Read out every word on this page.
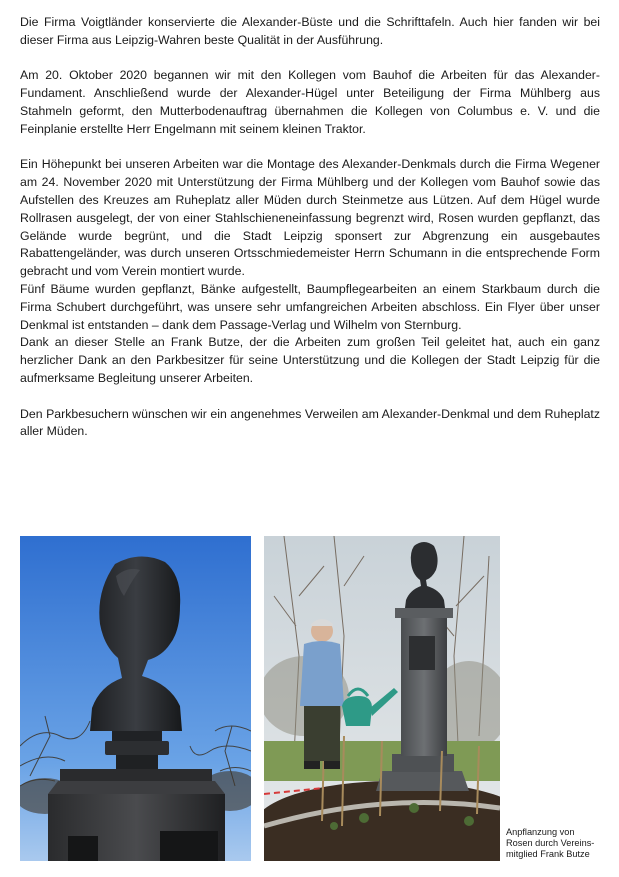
Die Firma Voigtländer konservierte die Alexander-Büste und die Schrifttafeln. Auch hier fanden wir bei dieser Firma aus Leipzig-Wahren beste Qualität in der Ausführung.

Am 20. Oktober 2020 begannen wir mit den Kollegen vom Bauhof die Arbeiten für das Alexander-Fundament. Anschließend wurde der Alexander-Hügel unter Beteiligung der Firma Mühlberg aus Stahmeln geformt, den Mutterbodenauftrag übernahmen die Kollegen von Columbus e. V. und die Feinplanie erstellte Herr Engelmann mit seinem kleinen Traktor.

Ein Höhepunkt bei unseren Arbeiten war die Montage des Alexander-Denkmals durch die Firma Wegener am 24. November 2020 mit Unterstützung der Firma Mühlberg und der Kollegen vom Bauhof sowie das Aufstellen des Kreuzes am Ruheplatz aller Müden durch Steinmetze aus Lützen. Auf dem Hügel wurde Rollrasen ausgelegt, der von einer Stahlschieneneinfassung begrenzt wird, Rosen wurden gepflanzt, das Gelände wurde begrünt, und die Stadt Leipzig sponsert zur Abgrenzung ein ausgebautes Rabattengeländer, was durch unseren Ortsschmiedemeister Herrn Schumann in die entsprechende Form gebracht und vom Verein montiert wurde.

Fünf Bäume wurden gepflanzt, Bänke aufgestellt, Baumpflegearbeiten an einem Starkbaum durch die Firma Schubert durchgeführt, was unsere sehr umfangreichen Arbeiten abschloss. Ein Flyer über unser Denkmal ist entstanden – dank dem Passage-Verlag und Wilhelm von Sternburg.

Dank an dieser Stelle an Frank Butze, der die Arbeiten zum großen Teil geleitet hat, auch ein ganz herzlicher Dank an den Parkbesitzer für seine Unterstützung und die Kollegen der Stadt Leipzig für die aufmerksame Begleitung unserer Arbeiten.

Den Parkbesuchern wünschen wir ein angenehmes Verweilen am Alexander-Denkmal und dem Ruheplatz aller Müden.

Anpflanzung von
Rosen durch Vereins-
mitglied Frank Butze
